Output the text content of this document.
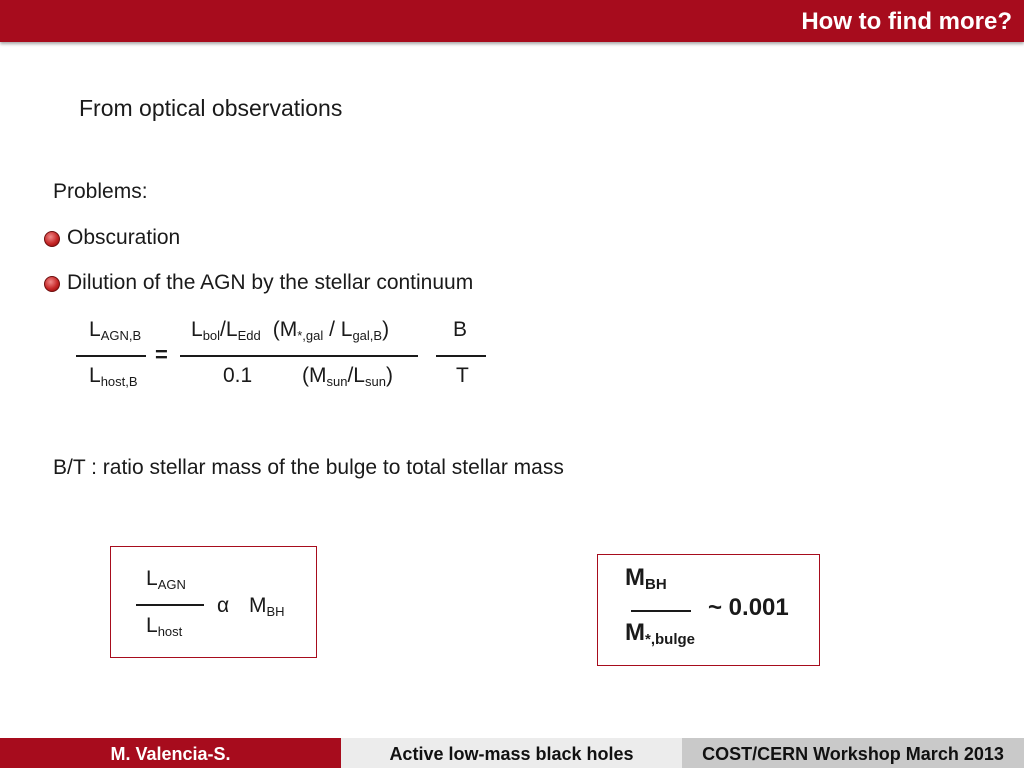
How to find more?
From optical observations
Problems:
Obscuration
Dilution of the AGN by the stellar continuum
$L_{AGN,B}$
$L_{host,B}$
=
$L_{bol}/L_{Edd}$ $(M_{*,gal} / L_{gal,B})$
0.1 $(M_{sun}/L_{sun})$
B
T
B/T : ratio stellar mass of the bulge to total stellar mass
$L_{AGN}$
$L_{host}$
α $M_{BH}$
$M_{BH}$
$M_{*,bulge}$
~ 0.001
M. Valencia-S.	Active low-mass black holes	COST/CERN Workshop March 2013
